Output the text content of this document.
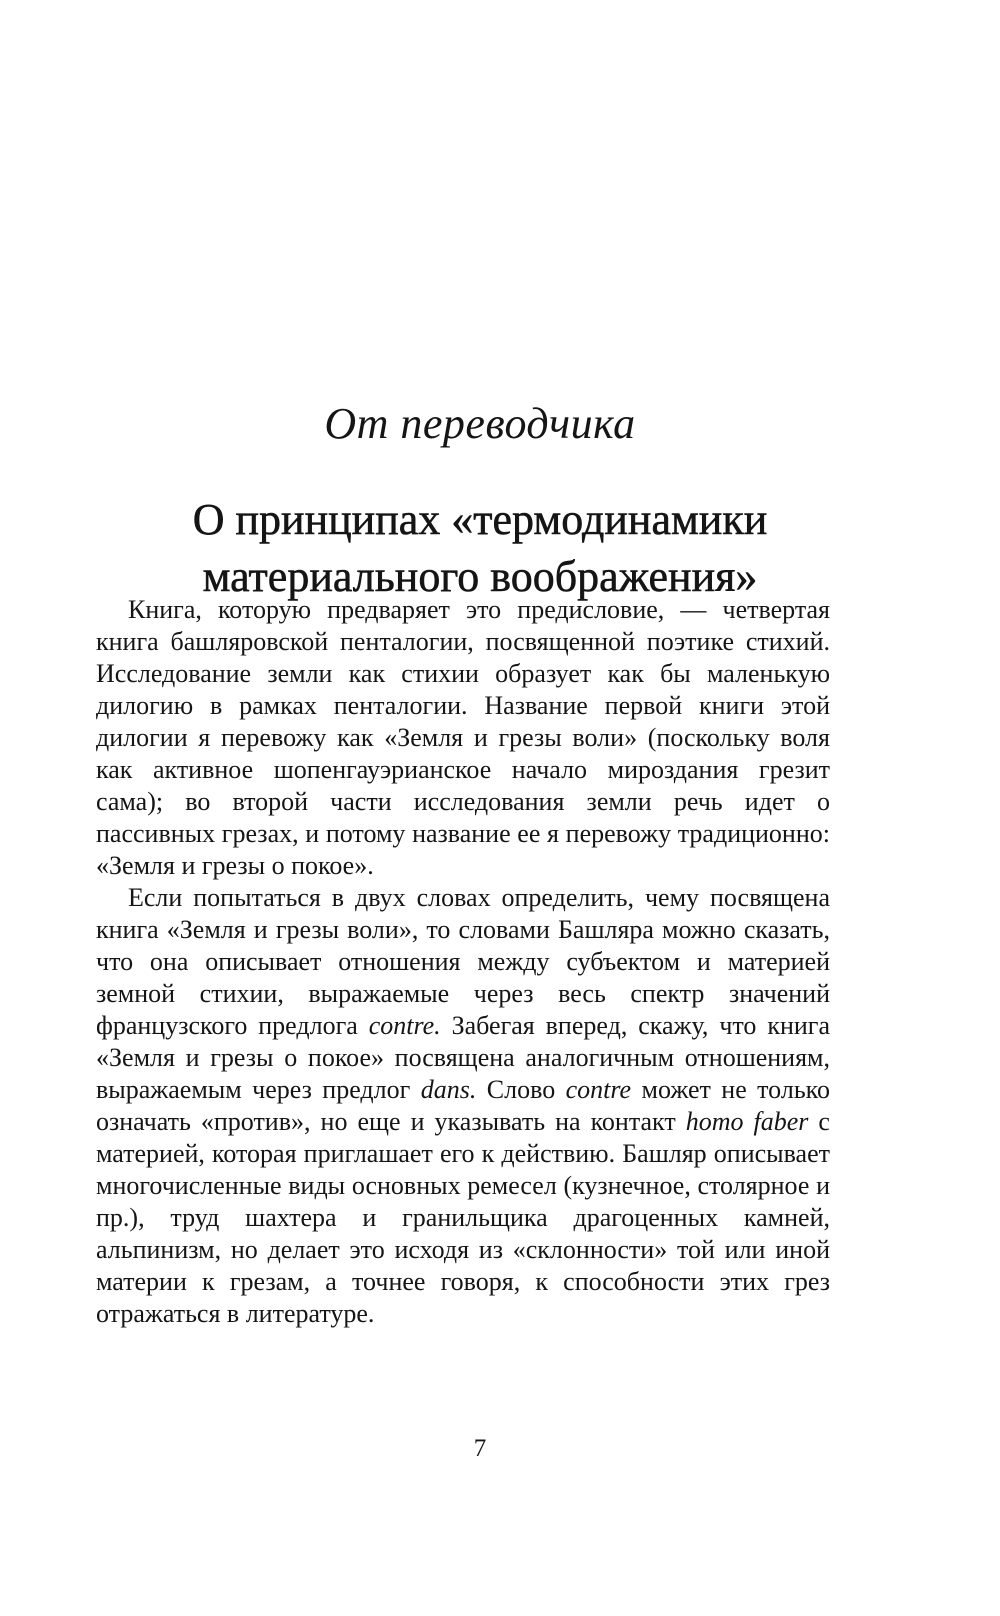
От переводчика
О принципах «термодинамики
материального воображения»

Книга, которую предваряет это предисловие, — четвертая книга башляровской пенталогии, посвященной поэтике стихий. Исследование земли как стихии образует как бы маленькую дилогию в рамках пенталогии. Название первой книги этой дилогии я перевожу как «Земля и грезы воли» (поскольку воля как активное шопенгауэрианское начало мироздания грезит сама); во второй части исследования земли речь идет о пассивных грезах, и потому название ее я перевожу традиционно: «Земля и грезы о покое».

Если попытаться в двух словах определить, чему посвящена книга «Земля и грезы воли», то словами Башляра можно сказать, что она описывает отношения между субъектом и материей земной стихии, выражаемые через весь спектр значений французского предлога contre. Забегая вперед, скажу, что книга «Земля и грезы о покое» посвящена аналогичным отношениям, выражаемым через предлог dans. Слово contre может не только означать «против», но еще и указывать на контакт homo faber с материей, которая приглашает его к действию. Башляр описывает многочисленные виды основных ремесел (кузнечное, столярное и пр.), труд шахтера и гранильщика драгоценных камней, альпинизм, но делает это исходя из «склонности» той или иной материи к грезам, а точнее говоря, к способности этих грез отражаться в литературе.

7
